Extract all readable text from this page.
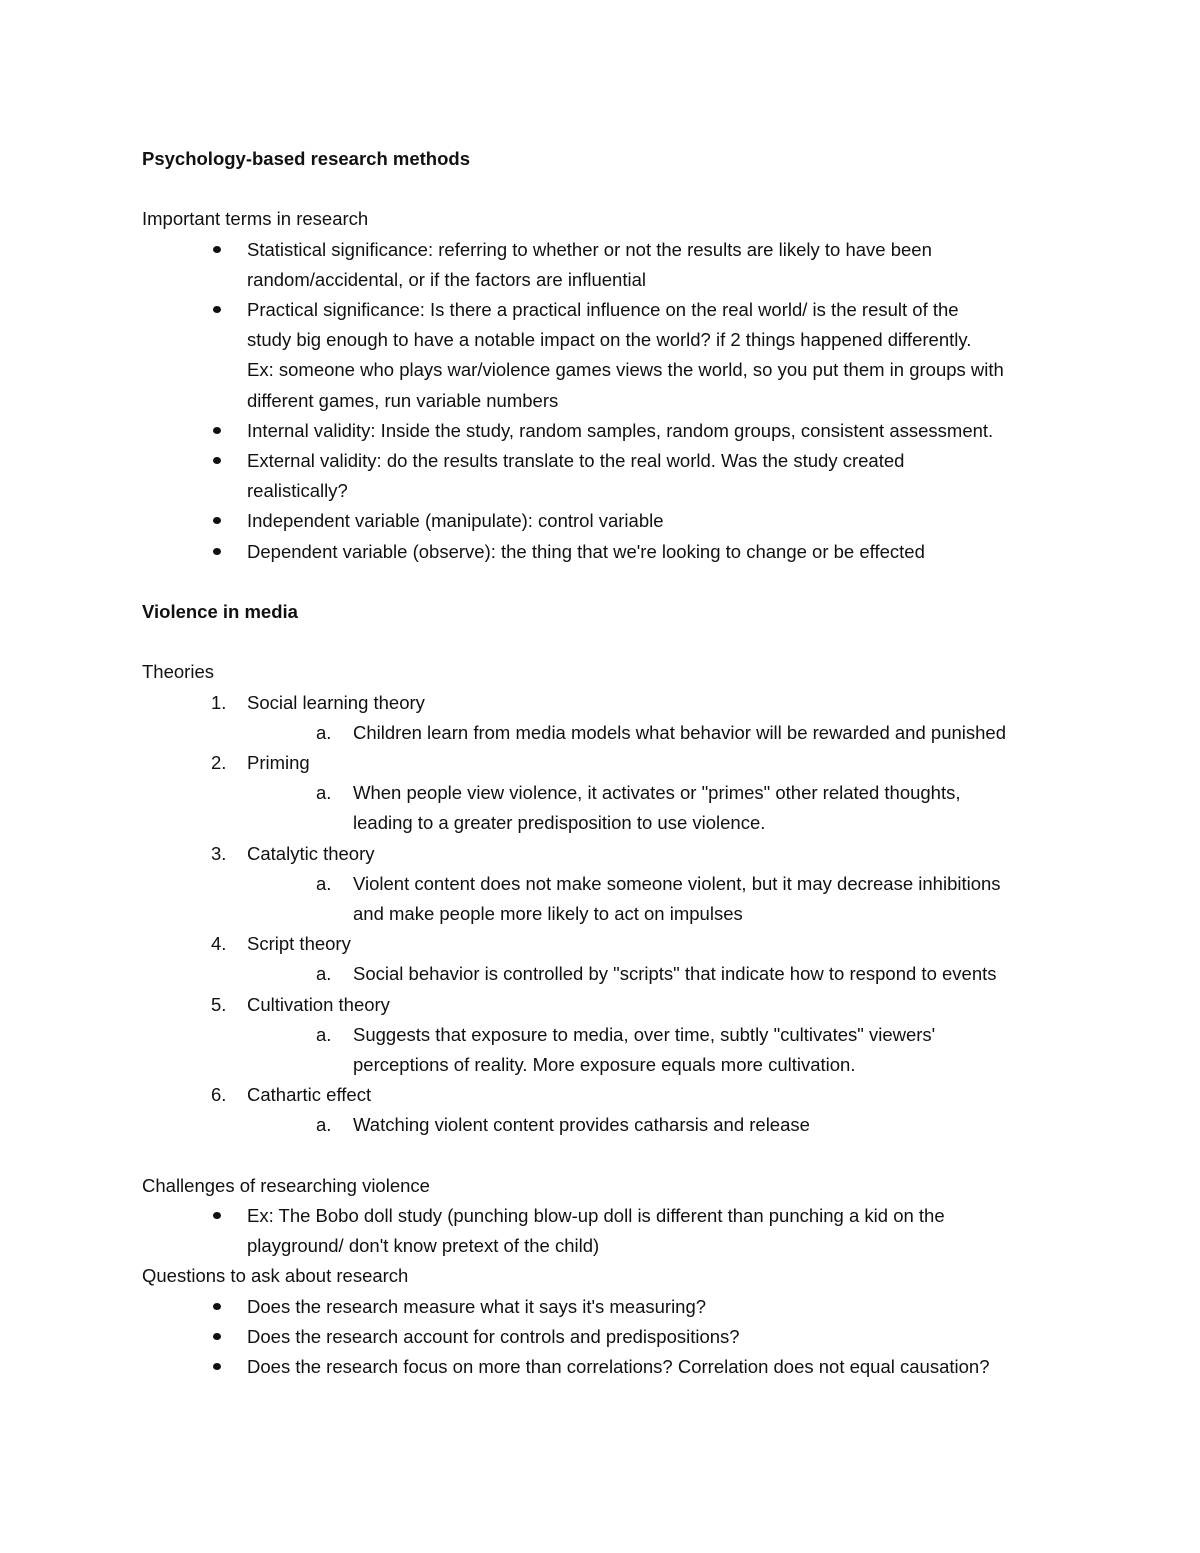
Psychology-based research methods
Important terms in research
Statistical significance: referring to whether or not the results are likely to have been
random/accidental, or if the factors are influential
Practical significance: Is there a practical influence on the real world/ is the result of the
study big enough to have a notable impact on the world? if 2 things happened differently.
Ex: someone who plays war/violence games views the world, so you put them in groups with
different games, run variable numbers
Internal validity: Inside the study, random samples, random groups, consistent assessment.
External validity: do the results translate to the real world. Was the study created
realistically?
Independent variable (manipulate): control variable
Dependent variable (observe): the thing that we're looking to change or be effected
Violence in media
Theories
1. Social learning theory
a. Children learn from media models what behavior will be rewarded and punished
2. Priming
a. When people view violence, it activates or "primes" other related thoughts,
leading to a greater predisposition to use violence.
3. Catalytic theory
a. Violent content does not make someone violent, but it may decrease inhibitions
and make people more likely to act on impulses
4. Script theory
a. Social behavior is controlled by "scripts" that indicate how to respond to events
5. Cultivation theory
a. Suggests that exposure to media, over time, subtly "cultivates" viewers'
perceptions of reality. More exposure equals more cultivation.
6. Cathartic effect
a. Watching violent content provides catharsis and release
Challenges of researching violence
Ex: The Bobo doll study (punching blow-up doll is different than punching a kid on the
playground/ don't know pretext of the child)
Questions to ask about research
Does the research measure what it says it's measuring?
Does the research account for controls and predispositions?
Does the research focus on more than correlations? Correlation does not equal causation?
